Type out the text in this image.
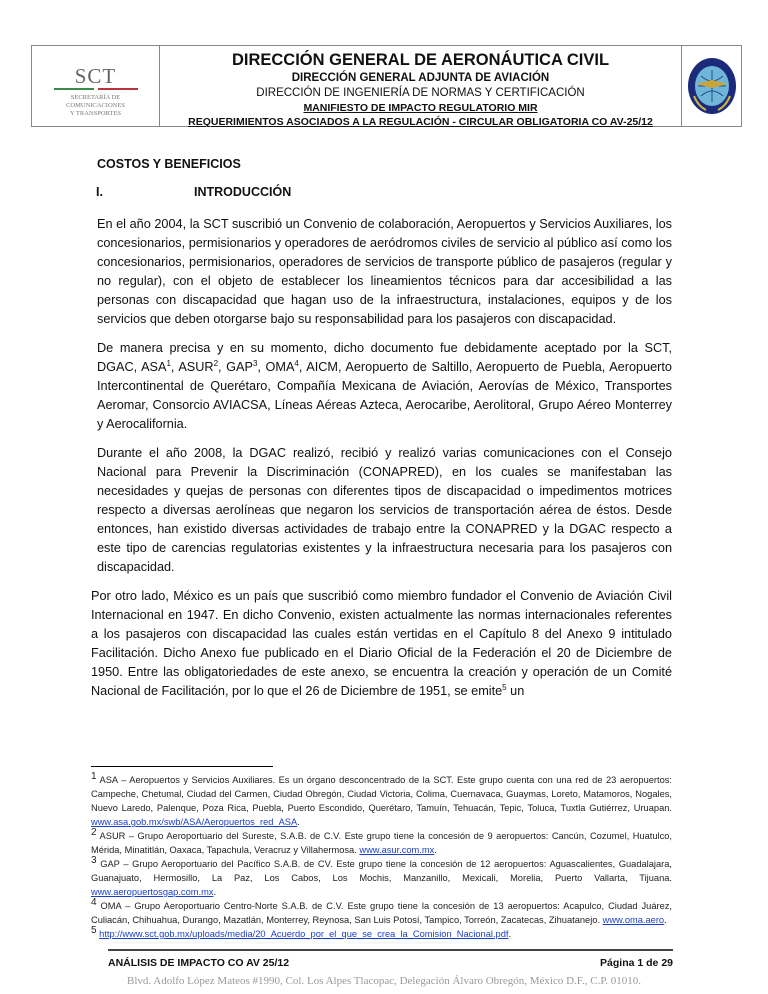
SCT
SECRETARÍA DE
COMUNICACIONES
Y TRANSPORTES
DIRECCIÓN GENERAL DE AERONÁUTICA CIVIL
DIRECCIÓN GENERAL ADJUNTA DE AVIACIÓN
DIRECCIÓN DE INGENIERÍA DE NORMAS Y CERTIFICACIÓN
MANIFIESTO DE IMPACTO REGULATORIO MIR
REQUERIMIENTOS ASOCIADOS A LA REGULACIÓN - CIRCULAR OBLIGATORIA CO AV-25/12
COSTOS Y BENEFICIOS
I.	INTRODUCCIÓN

En el año 2004, la SCT suscribió un Convenio de colaboración, Aeropuertos y Servicios Auxiliares, los concesionarios, permisionarios y operadores de aeródromos civiles de servicio al público así como los concesionarios, permisionarios, operadores de servicios de transporte público de pasajeros (regular y no regular), con el objeto de establecer los lineamientos técnicos para dar accesibilidad a las personas con discapacidad que hagan uso de la infraestructura, instalaciones, equipos y de los servicios que deben otorgarse bajo su responsabilidad para los pasajeros con discapacidad.

De manera precisa y en su momento, dicho documento fue debidamente aceptado por la SCT, DGAC, ASA$^1$, ASUR$^2$, GAP$^3$, OMA$^4$, AICM, Aeropuerto de Saltillo, Aeropuerto de Puebla, Aeropuerto Intercontinental de Querétaro, Compañía Mexicana de Aviación, Aerovías de México, Transportes Aeromar, Consorcio AVIACSA, Líneas Aéreas Azteca, Aerocaribe, Aerolitoral, Grupo Aéreo Monterrey y Aerocalifornia.

Durante el año 2008, la DGAC realizó, recibió y realizó varias comunicaciones con el Consejo Nacional para Prevenir la Discriminación (CONAPRED), en los cuales se manifestaban las necesidades y quejas de personas con diferentes tipos de discapacidad o impedimentos motrices respecto a diversas aerolíneas que negaron los servicios de transportación aérea de éstos. Desde entonces, han existido diversas actividades de trabajo entre la CONAPRED y la DGAC respecto a este tipo de carencias regulatorias existentes y la infraestructura necesaria para los pasajeros con discapacidad.

Por otro lado, México es un país que suscribió como miembro fundador el Convenio de Aviación Civil Internacional en 1947. En dicho Convenio, existen actualmente las normas internacionales referentes a los pasajeros con discapacidad las cuales están vertidas en el Capítulo 8 del Anexo 9 intitulado Facilitación. Dicho Anexo fue publicado en el Diario Oficial de la Federación el 20 de Diciembre de 1950. Entre las obligatoriedades de este anexo, se encuentra la creación y operación de un Comité Nacional de Facilitación, por lo que el 26 de Diciembre de 1951, se emite$^5$ un

$^1$ ASA – Aeropuertos y Servicios Auxiliares. Es un órgano desconcentrado de la SCT. Este grupo cuenta con una red de 23 aeropuertos: Campeche, Chetumal, Ciudad del Carmen, Ciudad Obregón, Ciudad Victoria, Colima, Cuernavaca, Guaymas, Loreto, Matamoros, Nogales, Nuevo Laredo, Palenque, Poza Rica, Puebla, Puerto Escondido, Querétaro, Tamuín, Tehuacán, Tepic, Toluca, Tuxtla Gutiérrez, Uruapan. www.asa.gob.mx/swb/ASA/Aeropuertos_red_ASA.
$^2$ ASUR – Grupo Aeroportuario del Sureste, S.A.B. de C.V. Este grupo tiene la concesión de 9 aeropuertos: Cancún, Cozumel, Huatulco, Mérida, Minatitlán, Oaxaca, Tapachula, Veracruz y Villahermosa. www.asur.com.mx.
$^3$ GAP – Grupo Aeroportuario del Pacífico S.A.B. de CV. Este grupo tiene la concesión de 12 aeropuertos: Aguascalientes, Guadalajara, Guanajuato, Hermosillo, La Paz, Los Cabos, Los Mochis, Manzanillo, Mexicali, Morelia, Puerto Vallarta, Tijuana. www.aeropuertosgap.com.mx.
$^4$ OMA – Grupo Aeroportuario Centro-Norte S.A.B. de C.V. Este grupo tiene la concesión de 13 aeropuertos: Acapulco, Ciudad Juárez, Culiacán, Chihuahua, Durango, Mazatlán, Monterrey, Reynosa, San Luis Potosí, Tampico, Torreón, Zacatecas, Zihuatanejo. www.oma.aero.
$^5$ http://www.sct.gob.mx/uploads/media/20_Acuerdo_por_el_que_se_crea_la_Comision_Nacional.pdf.
ANÁLISIS DE IMPACTO CO AV 25/12	Página 1 de 29
Blvd. Adolfo López Mateos #1990, Col. Los Alpes Tlacopac, Delegación Álvaro Obregón, México D.F., C.P. 01010.
